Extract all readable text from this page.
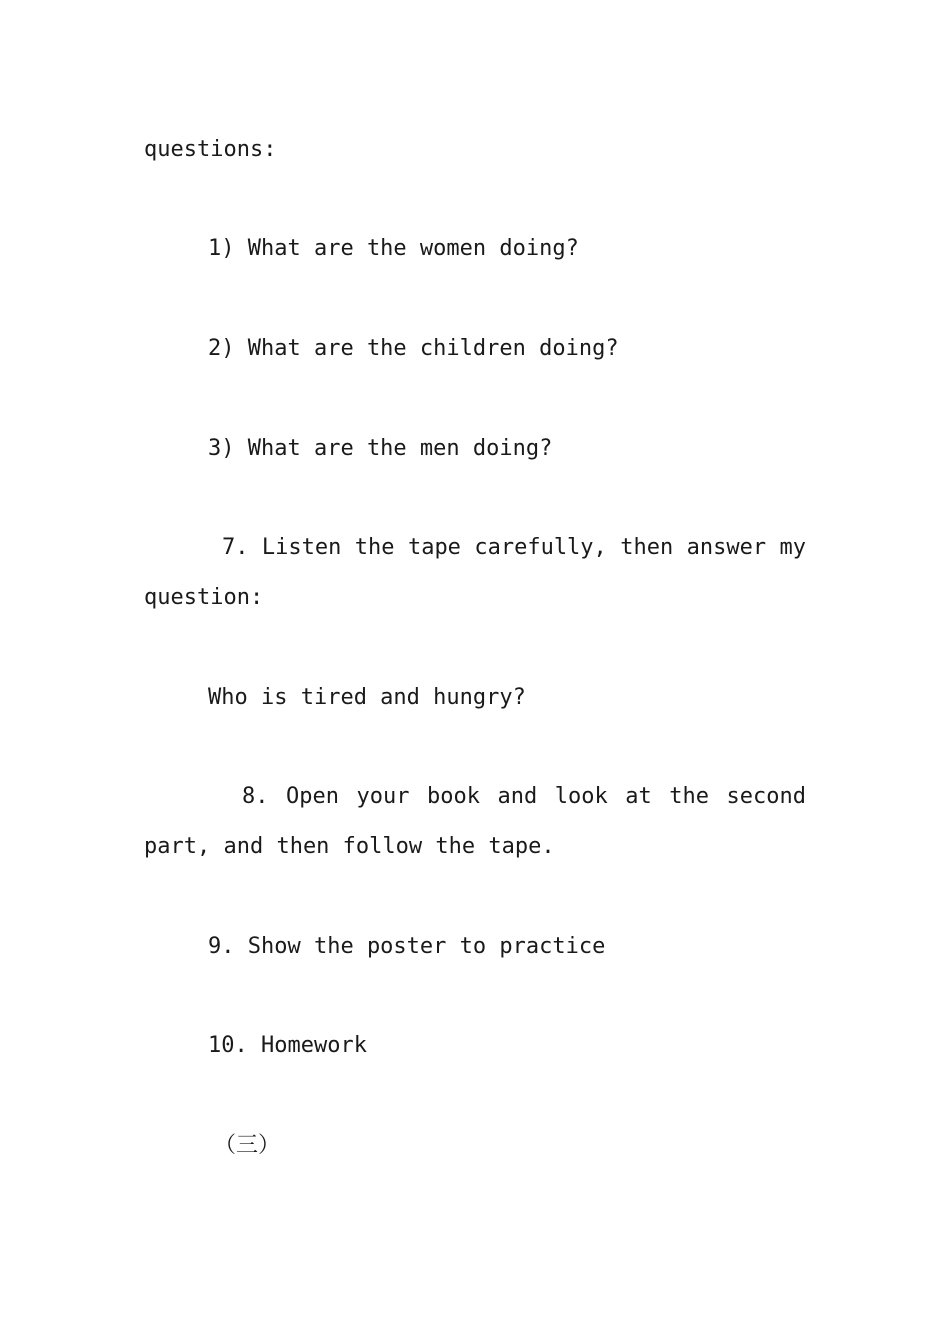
questions:
1) What are the women doing?
2) What are the children doing?
3) What are the men doing?
7. Listen the tape carefully, then answer my
question:
Who is tired and hungry?
8. Open your book and look at the second
part, and then follow the tape.
9. Show the poster to practice
10. Homework
（三）
